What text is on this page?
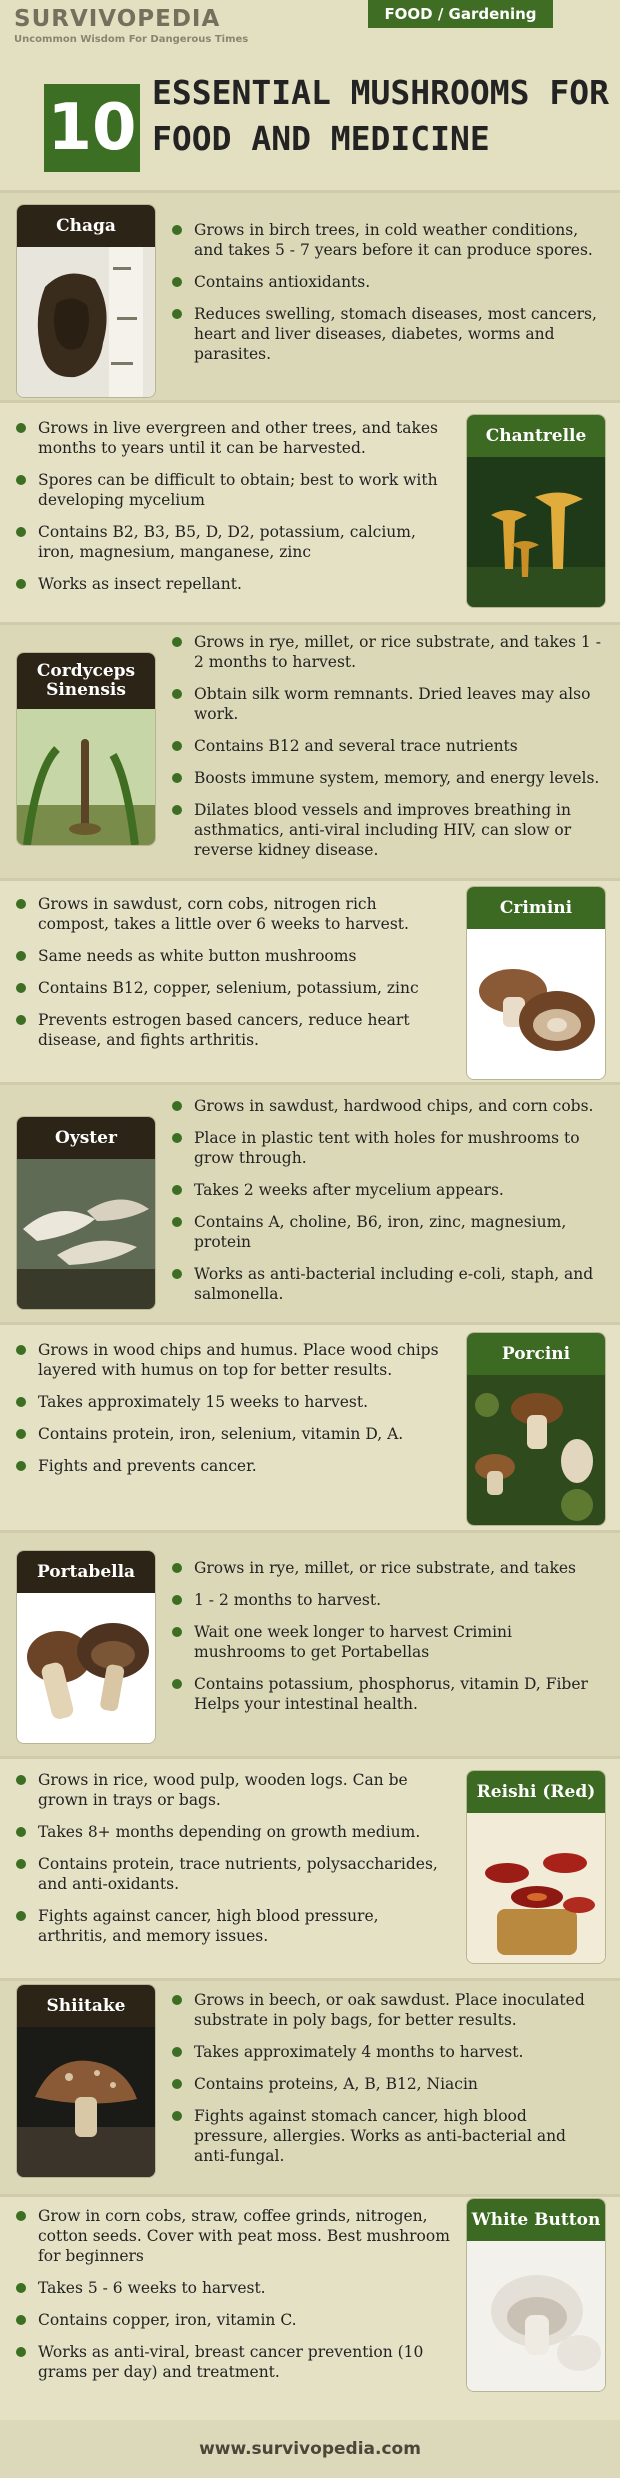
SURVIVOPEDIA
Uncommon Wisdom For Dangerous Times
FOOD / Gardening
10 ESSENTIAL MUSHROOMS FOR FOOD AND MEDICINE
Chaga	Grows in birch trees, in cold weather conditions, and takes 5 - 7 years before it can produce spores.
Contains antioxidants.
Reduces swelling, stomach diseases, most cancers, heart and liver diseases, diabetes, worms and parasites.
Chantrelle
Grows in live evergreen and other trees, and takes months to years until it can be harvested.
Spores can be difficult to obtain; best to work with developing mycelium
Contains B2, B3, B5, D, D2, potassium, calcium, iron, magnesium, manganese, zinc
Works as insect repellant.
Cordyceps Sinensis
Grows in rye, millet, or rice substrate, and takes 1 - 2 months to harvest.
Obtain silk worm remnants. Dried leaves may also work.
Contains B12 and several trace nutrients
Boosts immune system, memory, and energy levels.
Dilates blood vessels and improves breathing in asthmatics, anti-viral including HIV, can slow or reverse kidney disease.
Crimini
Grows in sawdust, corn cobs, nitrogen rich compost, takes a little over 6 weeks to harvest.
Same needs as white button mushrooms
Contains B12, copper, selenium, potassium, zinc
Prevents estrogen based cancers, reduce heart disease, and fights arthritis.
Oyster
Grows in sawdust, hardwood chips, and corn cobs.
Place in plastic tent with holes for mushrooms to grow through.
Takes 2 weeks after mycelium appears.
Contains A, choline, B6, iron, zinc, magnesium, protein
Works as anti-bacterial including e-coli, staph, and salmonella.
Porcini
Grows in wood chips and humus. Place wood chips layered with humus on top for better results.
Takes approximately 15 weeks to harvest.
Contains protein, iron, selenium, vitamin D, A.
Fights and prevents cancer.
Portabella	Grows in rye, millet, or rice substrate, and takes
1 - 2 months to harvest.
Wait one week longer to harvest Crimini mushrooms to get Portabellas
Contains potassium, phosphorus, vitamin D, Fiber Helps your intestinal health.
Reishi (Red)
Grows in rice, wood pulp, wooden logs. Can be grown in trays or bags.
Takes 8+ months depending on growth medium.
Contains protein, trace nutrients, polysaccharides, and anti-oxidants.
Fights against cancer, high blood pressure, arthritis, and memory issues.
Shiitake	Grows in beech, or oak sawdust. Place inoculated substrate in poly bags, for better results.
Takes approximately 4 months to harvest.
Contains proteins, A, B, B12, Niacin
Fights against stomach cancer, high blood pressure, allergies. Works as anti-bacterial and anti-fungal.
White Button
Grow in corn cobs, straw, coffee grinds, nitrogen, cotton seeds. Cover with peat moss. Best mushroom for beginners
Takes 5 - 6 weeks to harvest.
Contains copper, iron, vitamin C.
Works as anti-viral, breast cancer prevention (10 grams per day) and treatment.
www.survivopedia.com
